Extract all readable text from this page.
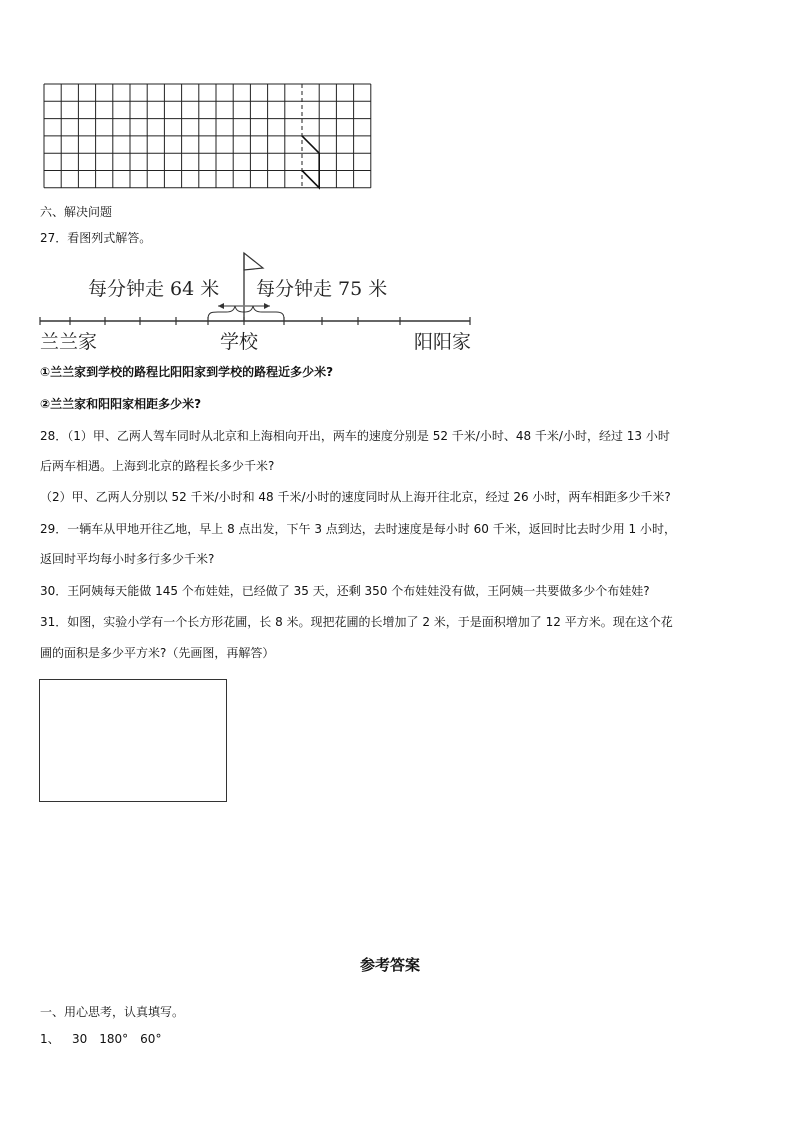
六、解决问题
27．看图列式解答。
每分钟走 64 米 每分钟走 75 米
兰兰家	学校	阳阳家
①兰兰家到学校的路程比阳阳家到学校的路程近多少米?
②兰兰家和阳阳家相距多少米?
28．（1）甲、乙两人驾车同时从北京和上海相向开出，两车的速度分别是 52 千米/小时、48 千米/小时，经过 13 小时
后两车相遇。上海到北京的路程长多少千米?
（2）甲、乙两人分别以 52 千米/小时和 48 千米/小时的速度同时从上海开往北京，经过 26 小时，两车相距多少千米?
29．一辆车从甲地开往乙地，早上 8 点出发，下午 3 点到达，去时速度是每小时 60 千米，返回时比去时少用 1 小时，
返回时平均每小时多行多少千米?
30．王阿姨每天能做 145 个布娃娃，已经做了 35 天，还剩 350 个布娃娃没有做，王阿姨一共要做多少个布娃娃?
31．如图，实验小学有一个长方形花圃，长 8 米。现把花圃的长增加了 2 米，于是面积增加了 12 平方米。现在这个花
圃的面积是多少平方米?（先画图，再解答）
参考答案
一、用心思考，认真填写。
1、 30　180°　60°
